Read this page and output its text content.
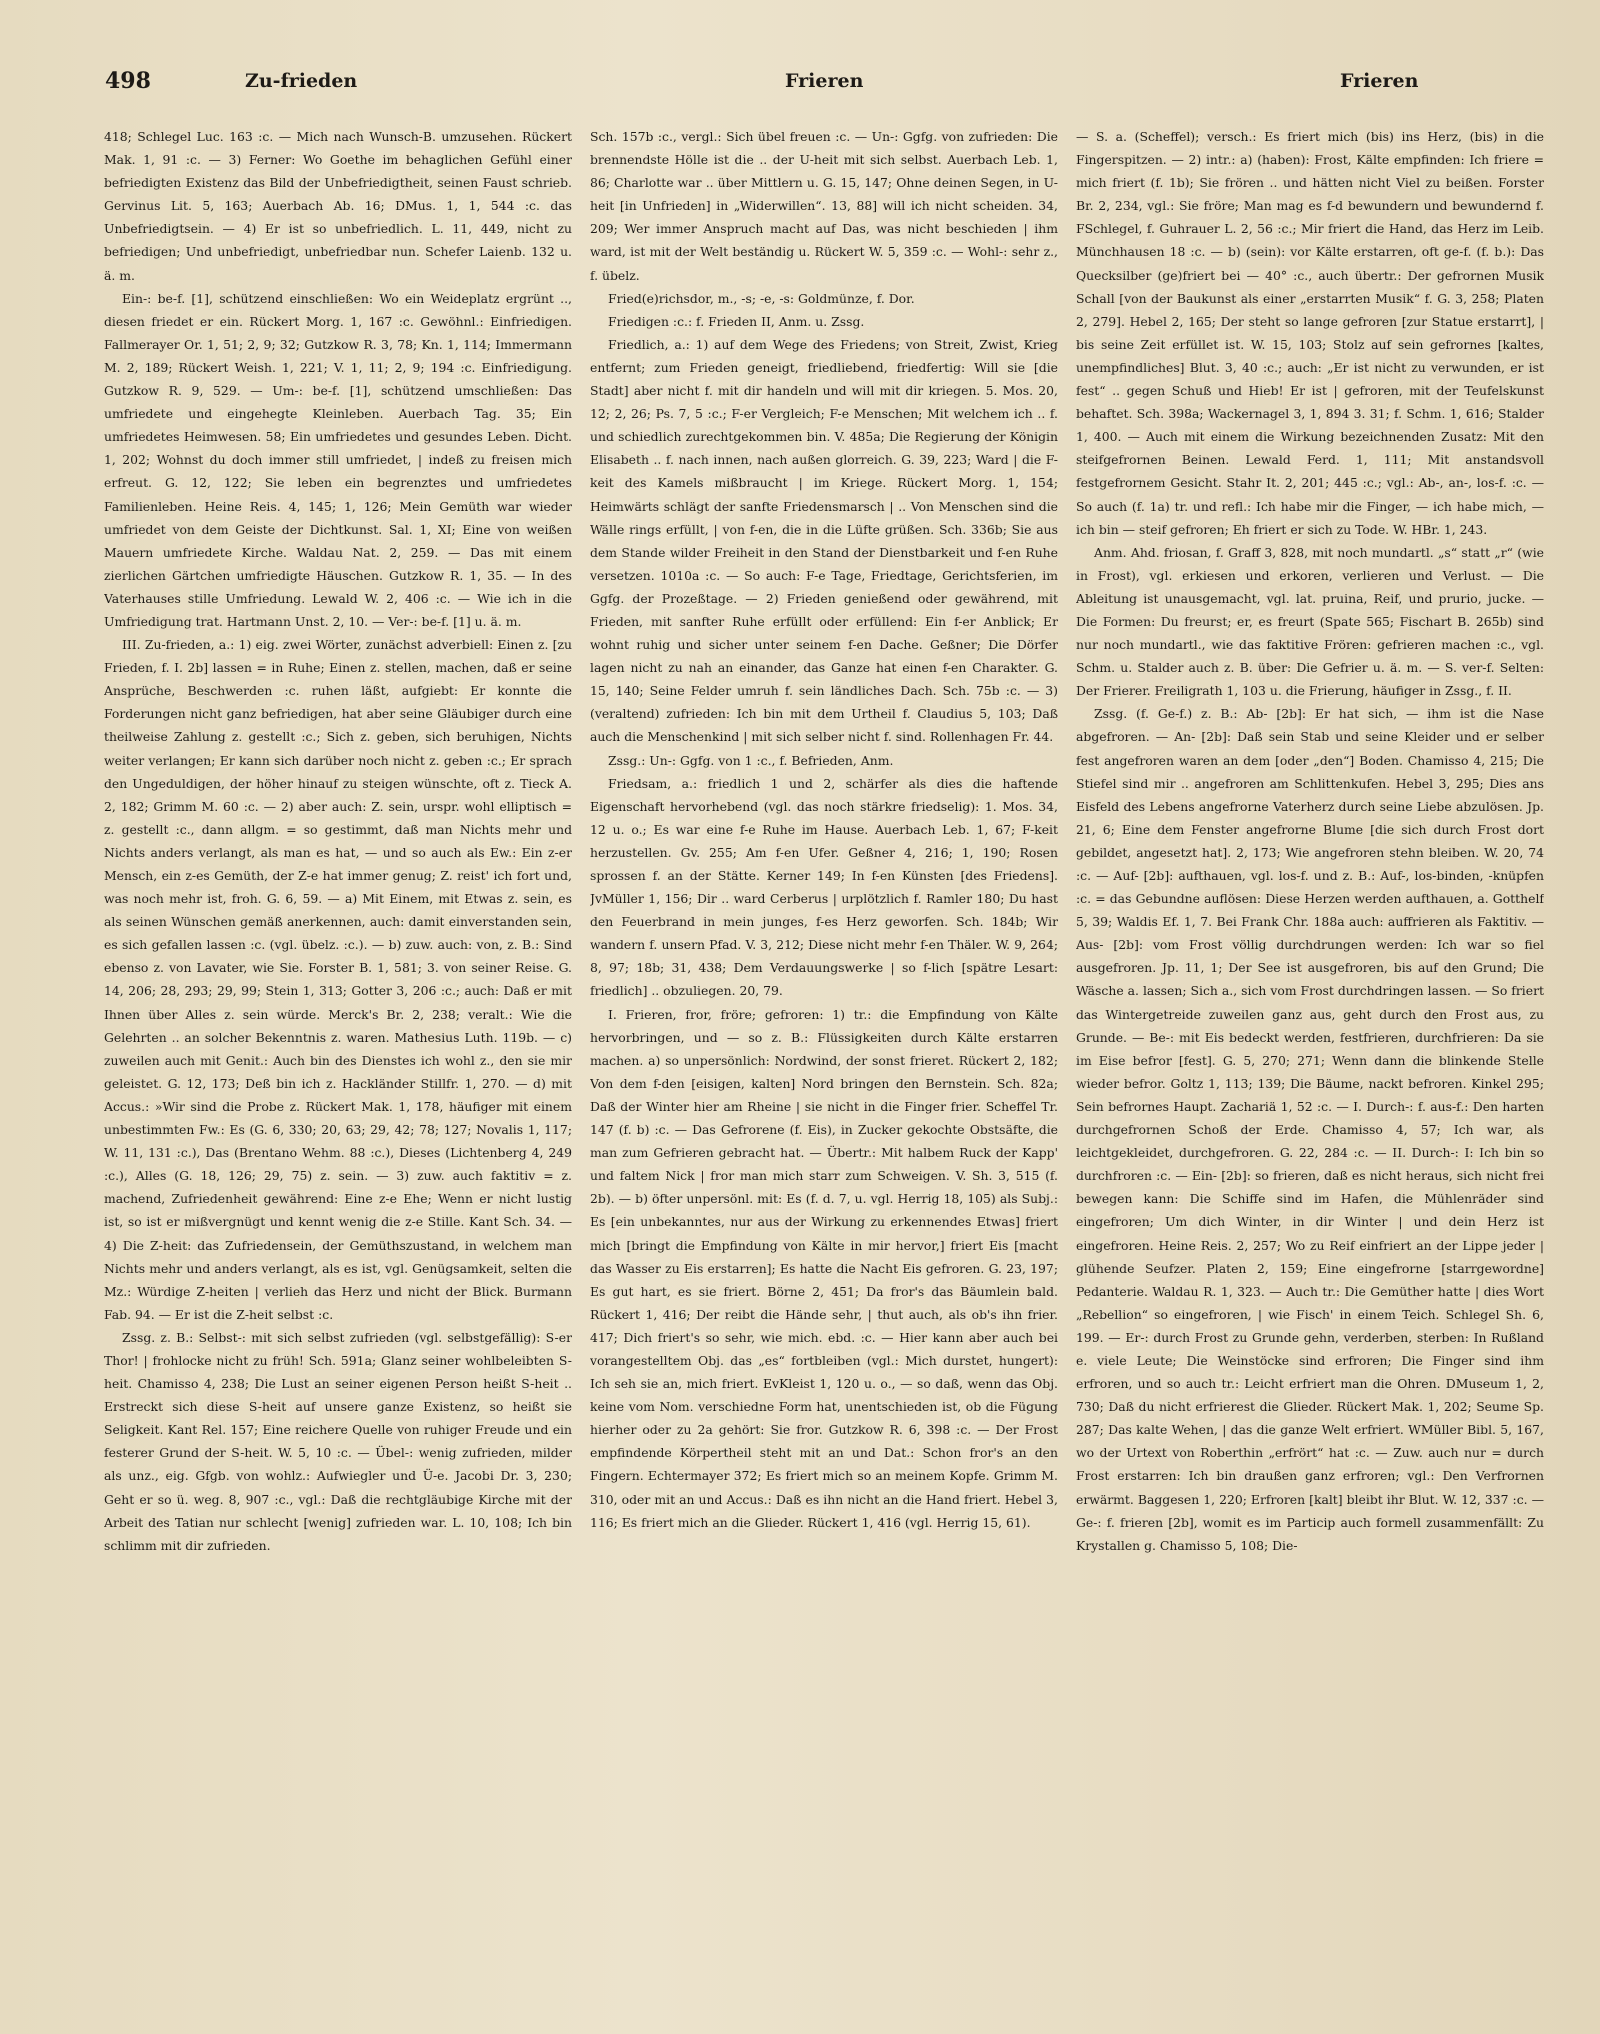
498	Zu-frieden	Frieren	Frieren

418; Schlegel Luc. 163 :c. — Mich nach Wunsch-B. umzusehen. Rückert Mak. 1, 91 :c. — 3) Ferner: Wo Goethe im behaglichen Gefühl einer befriedigten Existenz das Bild der Unbefriedigtheit, seinen Faust schrieb. Gervinus Lit. 5, 163; Auerbach Ab. 16; DMus. 1, 1, 544 :c. das Unbefriedigtsein. — 4) Er ist so unbefriedlich. L. 11, 449, nicht zu befriedigen; Und unbefriedigt, unbefriedbar nun. Schefer Laienb. 132 u. ä. m.

Ein-: be-f. [1], schützend einschließen: Wo ein Weideplatz ergrünt .., diesen friedet er ein. Rückert Morg. 1, 167 :c. Gewöhnl.: Einfriedigen. Fallmerayer Or. 1, 51; 2, 9; 32; Gutzkow R. 3, 78; Kn. 1, 114; Immermann M. 2, 189; Rückert Weish. 1, 221; V. 1, 11; 2, 9; 194 :c. Einfriedigung. Gutzkow R. 9, 529. — Um-: be-f. [1], schützend umschließen: Das umfriedete und eingehegte Kleinleben. Auerbach Tag. 35; Ein umfriedetes Heimwesen. 58; Ein umfriedetes und gesundes Leben. Dicht. 1, 202; Wohnst du doch immer still umfriedet, | indeß zu freisen mich erfreut. G. 12, 122; Sie leben ein begrenztes und umfriedetes Familienleben. Heine Reis. 4, 145; 1, 126; Mein Gemüth war wieder umfriedet von dem Geiste der Dichtkunst. Sal. 1, XI; Eine von weißen Mauern umfriedete Kirche. Waldau Nat. 2, 259. — Das mit einem zierlichen Gärtchen umfriedigte Häuschen. Gutzkow R. 1, 35. — In des Vaterhauses stille Umfriedung. Lewald W. 2, 406 :c. — Wie ich in die Umfriedigung trat. Hartmann Unst. 2, 10. — Ver-: be-f. [1] u. ä. m.

III. Zu-frieden, a.: 1) eig. zwei Wörter, zunächst adverbiell: Einen z. [zu Frieden, f. I. 2b] lassen = in Ruhe; Einen z. stellen, machen, daß er seine Ansprüche, Beschwerden :c. ruhen läßt, aufgiebt: Er konnte die Forderungen nicht ganz befriedigen, hat aber seine Gläubiger durch eine theilweise Zahlung z. gestellt :c.; Sich z. geben, sich beruhigen, Nichts weiter verlangen; Er kann sich darüber noch nicht z. geben :c.; Er sprach den Ungeduldigen, der höher hinauf zu steigen wünschte, oft z. Tieck A. 2, 182; Grimm M. 60 :c. — 2) aber auch: Z. sein, urspr. wohl elliptisch = z. gestellt :c., dann allgm. = so gestimmt, daß man Nichts mehr und Nichts anders verlangt, als man es hat, — und so auch als Ew.: Ein z-er Mensch, ein z-es Gemüth, der Z-e hat immer genug; Z. reist' ich fort und, was noch mehr ist, froh. G. 6, 59. — a) Mit Einem, mit Etwas z. sein, es als seinen Wünschen gemäß anerkennen, auch: damit einverstanden sein, es sich gefallen lassen :c. (vgl. übelz. :c.). — b) zuw. auch: von, z. B.: Sind ebenso z. von Lavater, wie Sie. Forster B. 1, 581; 3. von seiner Reise. G. 14, 206; 28, 293; 29, 99; Stein 1, 313; Gotter 3, 206 :c.; auch: Daß er mit Ihnen über Alles z. sein würde. Merck's Br. 2, 238; veralt.: Wie die Gelehrten .. an solcher Bekenntnis z. waren. Mathesius Luth. 119b. — c) zuweilen auch mit Genit.: Auch bin des Dienstes ich wohl z., den sie mir geleistet. G. 12, 173; Deß bin ich z. Hackländer Stillfr. 1, 270. — d) mit Accus.: »Wir sind die Probe z. Rückert Mak. 1, 178, häufiger mit einem unbestimmten Fw.: Es (G. 6, 330; 20, 63; 29, 42; 78; 127; Novalis 1, 117; W. 11, 131 :c.), Das (Brentano Wehm. 88 :c.), Dieses (Lichtenberg 4, 249 :c.), Alles (G. 18, 126; 29, 75) z. sein. — 3) zuw. auch faktitiv = z. machend, Zufriedenheit gewährend: Eine z-e Ehe; Wenn er nicht lustig ist, so ist er mißvergnügt und kennt wenig die z-e Stille. Kant Sch. 34. — 4) Die Z-heit: das Zufriedensein, der Gemüthszustand, in welchem man Nichts mehr und anders verlangt, als es ist, vgl. Genügsamkeit, selten die Mz.: Würdige Z-heiten | verlieh das Herz und nicht der Blick. Burmann Fab. 94. — Er ist die Z-heit selbst :c.

Zssg. z. B.: Selbst-: mit sich selbst zufrieden (vgl. selbstgefällig): S-er Thor! | frohlocke nicht zu früh! Sch. 591a; Glanz seiner wohlbeleibten S-heit. Chamisso 4, 238; Die Lust an seiner eigenen Person heißt S-heit .. Erstreckt sich diese S-heit auf unsere ganze Existenz, so heißt sie Seligkeit. Kant Rel. 157; Eine reichere Quelle von ruhiger Freude und ein festerer Grund der S-heit. W. 5, 10 :c. — Übel-: wenig zufrieden, milder als unz., eig. Gfgb. von wohlz.: Aufwiegler und Ü-e. Jacobi Dr. 3, 230; Geht er so ü. weg. 8, 907 :c., vgl.: Daß die rechtgläubige Kirche mit der Arbeit des Tatian nur schlecht [wenig] zufrieden war. L. 10, 108; Ich bin schlimm mit dir zufrieden.

Sch. 157b :c., vergl.: Sich übel freuen :c. — Un-: Ggfg. von zufrieden: Die brennendste Hölle ist die .. der U-heit mit sich selbst. Auerbach Leb. 1, 86; Charlotte war .. über Mittlern u. G. 15, 147; Ohne deinen Segen, in U-heit [in Unfrieden] in „Widerwillen“. 13, 88] will ich nicht scheiden. 34, 209; Wer immer Anspruch macht auf Das, was nicht beschieden | ihm ward, ist mit der Welt beständig u. Rückert W. 5, 359 :c. — Wohl-: sehr z., f. übelz.

Fried(e)richsdor, m., -s; -e, -s: Goldmünze, f. Dor.

Friedigen :c.: f. Frieden II, Anm. u. Zssg.

Friedlich, a.: 1) auf dem Wege des Friedens; von Streit, Zwist, Krieg entfernt; zum Frieden geneigt, friedliebend, friedfertig: Will sie [die Stadt] aber nicht f. mit dir handeln und will mit dir kriegen. 5. Mos. 20, 12; 2, 26; Ps. 7, 5 :c.; F-er Vergleich; F-e Menschen; Mit welchem ich .. f. und schiedlich zurechtgekommen bin. V. 485a; Die Regierung der Königin Elisabeth .. f. nach innen, nach außen glorreich. G. 39, 223; Ward | die F-keit des Kamels mißbraucht | im Kriege. Rückert Morg. 1, 154; Heimwärts schlägt der sanfte Friedensmarsch | .. Von Menschen sind die Wälle rings erfüllt, | von f-en, die in die Lüfte grüßen. Sch. 336b; Sie aus dem Stande wilder Freiheit in den Stand der Dienstbarkeit und f-en Ruhe versetzen. 1010a :c. — So auch: F-e Tage, Friedtage, Gerichtsferien, im Ggfg. der Prozeßtage. — 2) Frieden genießend oder gewährend, mit Frieden, mit sanfter Ruhe erfüllt oder erfüllend: Ein f-er Anblick; Er wohnt ruhig und sicher unter seinem f-en Dache. Geßner; Die Dörfer lagen nicht zu nah an einander, das Ganze hat einen f-en Charakter. G. 15, 140; Seine Felder umruh f. sein ländliches Dach. Sch. 75b :c. — 3) (veraltend) zufrieden: Ich bin mit dem Urtheil f. Claudius 5, 103; Daß auch die Menschenkind | mit sich selber nicht f. sind. Rollenhagen Fr. 44.

Zssg.: Un-: Ggfg. von 1 :c., f. Befrieden, Anm.

Friedsam, a.: friedlich 1 und 2, schärfer als dies die haftende Eigenschaft hervorhebend (vgl. das noch stärkre friedselig): 1. Mos. 34, 12 u. o.; Es war eine f-e Ruhe im Hause. Auerbach Leb. 1, 67; F-keit herzustellen. Gv. 255; Am f-en Ufer. Geßner 4, 216; 1, 190; Rosen sprossen f. an der Stätte. Kerner 149; In f-en Künsten [des Friedens]. JvMüller 1, 156; Dir .. ward Cerberus | urplötzlich f. Ramler 180; Du hast den Feuerbrand in mein junges, f-es Herz geworfen. Sch. 184b; Wir wandern f. unsern Pfad. V. 3, 212; Diese nicht mehr f-en Thäler. W. 9, 264; 8, 97; 18b; 31, 438; Dem Verdauungswerke | so f-lich [spätre Lesart: friedlich] .. obzuliegen. 20, 79.

I. Frieren, fror, fröre; gefroren: 1) tr.: die Empfindung von Kälte hervorbringen, und — so z. B.: Flüssigkeiten durch Kälte erstarren machen. a) so unpersönlich: Nordwind, der sonst frieret. Rückert 2, 182; Von dem f-den [eisigen, kalten] Nord bringen den Bernstein. Sch. 82a; Daß der Winter hier am Rheine | sie nicht in die Finger frier. Scheffel Tr. 147 (f. b) :c. — Das Gefrorene (f. Eis), in Zucker gekochte Obstsäfte, die man zum Gefrieren gebracht hat. — Übertr.: Mit halbem Ruck der Kapp' und faltem Nick | fror man mich starr zum Schweigen. V. Sh. 3, 515 (f. 2b). — b) öfter unpersönl. mit: Es (f. d. 7, u. vgl. Herrig 18, 105) als Subj.: Es [ein unbekanntes, nur aus der Wirkung zu erkennendes Etwas] friert mich [bringt die Empfindung von Kälte in mir hervor,] friert Eis [macht das Wasser zu Eis erstarren]; Es hatte die Nacht Eis gefroren. G. 23, 197; Es gut hart, es sie friert. Börne 2, 451; Da fror's das Bäumlein bald. Rückert 1, 416; Der reibt die Hände sehr, | thut auch, als ob's ihn frier. 417; Dich friert's so sehr, wie mich. ebd. :c. — Hier kann aber auch bei vorangestelltem Obj. das „es“ fortbleiben (vgl.: Mich durstet, hungert): Ich seh sie an, mich friert. EvKleist 1, 120 u. o., — so daß, wenn das Obj. keine vom Nom. verschiedne Form hat, unentschieden ist, ob die Fügung hierher oder zu 2a gehört: Sie fror. Gutzkow R. 6, 398 :c. — Der Frost empfindende Körpertheil steht mit an und Dat.: Schon fror's an den Fingern. Echtermayer 372; Es friert mich so an meinem Kopfe. Grimm M. 310, oder mit an und Accus.: Daß es ihn nicht an die Hand friert. Hebel 3, 116; Es friert mich an die Glieder. Rückert 1, 416 (vgl. Herrig 15, 61).

— S. a. (Scheffel); versch.: Es friert mich (bis) ins Herz, (bis) in die Fingerspitzen. — 2) intr.: a) (haben): Frost, Kälte empfinden: Ich friere = mich friert (f. 1b); Sie frören .. und hätten nicht Viel zu beißen. Forster Br. 2, 234, vgl.: Sie fröre; Man mag es f-d bewundern und bewundernd f. FSchlegel, f. Guhrauer L. 2, 56 :c.; Mir friert die Hand, das Herz im Leib. Münchhausen 18 :c. — b) (sein): vor Kälte erstarren, oft ge-f. (f. b.): Das Quecksilber (ge)friert bei — 40° :c., auch übertr.: Der gefrornen Musik Schall [von der Baukunst als einer „erstarrten Musik“ f. G. 3, 258; Platen 2, 279]. Hebel 2, 165; Der steht so lange gefroren [zur Statue erstarrt], | bis seine Zeit erfüllet ist. W. 15, 103; Stolz auf sein gefrornes [kaltes, unempfindliches] Blut. 3, 40 :c.; auch: „Er ist nicht zu verwunden, er ist fest“ .. gegen Schuß und Hieb! Er ist | gefroren, mit der Teufelskunst behaftet. Sch. 398a; Wackernagel 3, 1, 894 3. 31; f. Schm. 1, 616; Stalder 1, 400. — Auch mit einem die Wirkung bezeichnenden Zusatz: Mit den steifgefrornen Beinen. Lewald Ferd. 1, 111; Mit anstandsvoll festgefrornem Gesicht. Stahr It. 2, 201; 445 :c.; vgl.: Ab-, an-, los-f. :c. — So auch (f. 1a) tr. und refl.: Ich habe mir die Finger, — ich habe mich, — ich bin — steif gefroren; Eh friert er sich zu Tode. W. HBr. 1, 243.

Anm. Ahd. friosan, f. Graff 3, 828, mit noch mundartl. „s“ statt „r“ (wie in Frost), vgl. erkiesen und erkoren, verlieren und Verlust. — Die Ableitung ist unausgemacht, vgl. lat. pruina, Reif, und prurio, jucke. — Die Formen: Du freurst; er, es freurt (Spate 565; Fischart B. 265b) sind nur noch mundartl., wie das faktitive Frören: gefrieren machen :c., vgl. Schm. u. Stalder auch z. B. über: Die Gefrier u. ä. m. — S. ver-f. Selten: Der Frierer. Freiligrath 1, 103 u. die Frierung, häufiger in Zssg., f. II.

Zssg. (f. Ge-f.) z. B.: Ab- [2b]: Er hat sich, — ihm ist die Nase abgefroren. — An- [2b]: Daß sein Stab und seine Kleider und er selber fest angefroren waren an dem [oder „den“] Boden. Chamisso 4, 215; Die Stiefel sind mir .. angefroren am Schlittenkufen. Hebel 3, 295; Dies ans Eisfeld des Lebens angefrorne Vaterherz durch seine Liebe abzulösen. Jp. 21, 6; Eine dem Fenster angefrorne Blume [die sich durch Frost dort gebildet, angesetzt hat]. 2, 173; Wie angefroren stehn bleiben. W. 20, 74 :c. — Auf- [2b]: aufthauen, vgl. los-f. und z. B.: Auf-, los-binden, -knüpfen :c. = das Gebundne auflösen: Diese Herzen werden aufthauen, a. Gotthelf 5, 39; Waldis Ef. 1, 7. Bei Frank Chr. 188a auch: auffrieren als Faktitiv. — Aus- [2b]: vom Frost völlig durchdrungen werden: Ich war so fiel ausgefroren. Jp. 11, 1; Der See ist ausgefroren, bis auf den Grund; Die Wäsche a. lassen; Sich a., sich vom Frost durchdringen lassen. — So friert das Wintergetreide zuweilen ganz aus, geht durch den Frost aus, zu Grunde. — Be-: mit Eis bedeckt werden, festfrieren, durchfrieren: Da sie im Eise befror [fest]. G. 5, 270; 271; Wenn dann die blinkende Stelle wieder befror. Goltz 1, 113; 139; Die Bäume, nackt befroren. Kinkel 295; Sein befrornes Haupt. Zachariä 1, 52 :c. — I. Durch-: f. aus-f.: Den harten durchgefrornen Schoß der Erde. Chamisso 4, 57; Ich war, als leichtgekleidet, durchgefroren. G. 22, 284 :c. — II. Durch-: I: Ich bin so durchfroren :c. — Ein- [2b]: so frieren, daß es nicht heraus, sich nicht frei bewegen kann: Die Schiffe sind im Hafen, die Mühlenräder sind eingefroren; Um dich Winter, in dir Winter | und dein Herz ist eingefroren. Heine Reis. 2, 257; Wo zu Reif einfriert an der Lippe jeder | glühende Seufzer. Platen 2, 159; Eine eingefrorne [starrgewordne] Pedanterie. Waldau R. 1, 323. — Auch tr.: Die Gemüther hatte | dies Wort „Rebellion“ so eingefroren, | wie Fisch' in einem Teich. Schlegel Sh. 6, 199. — Er-: durch Frost zu Grunde gehn, verderben, sterben: In Rußland e. viele Leute; Die Weinstöcke sind erfroren; Die Finger sind ihm erfroren, und so auch tr.: Leicht erfriert man die Ohren. DMuseum 1, 2, 730; Daß du nicht erfrierest die Glieder. Rückert Mak. 1, 202; Seume Sp. 287; Das kalte Wehen, | das die ganze Welt erfriert. WMüller Bibl. 5, 167, wo der Urtext von Roberthin „erfrört“ hat :c. — Zuw. auch nur = durch Frost erstarren: Ich bin draußen ganz erfroren; vgl.: Den Verfrornen erwärmt. Baggesen 1, 220; Erfroren [kalt] bleibt ihr Blut. W. 12, 337 :c. — Ge-: f. frieren [2b], womit es im Particip auch formell zusammenfällt: Zu Krystallen g. Chamisso 5, 108; Die-
